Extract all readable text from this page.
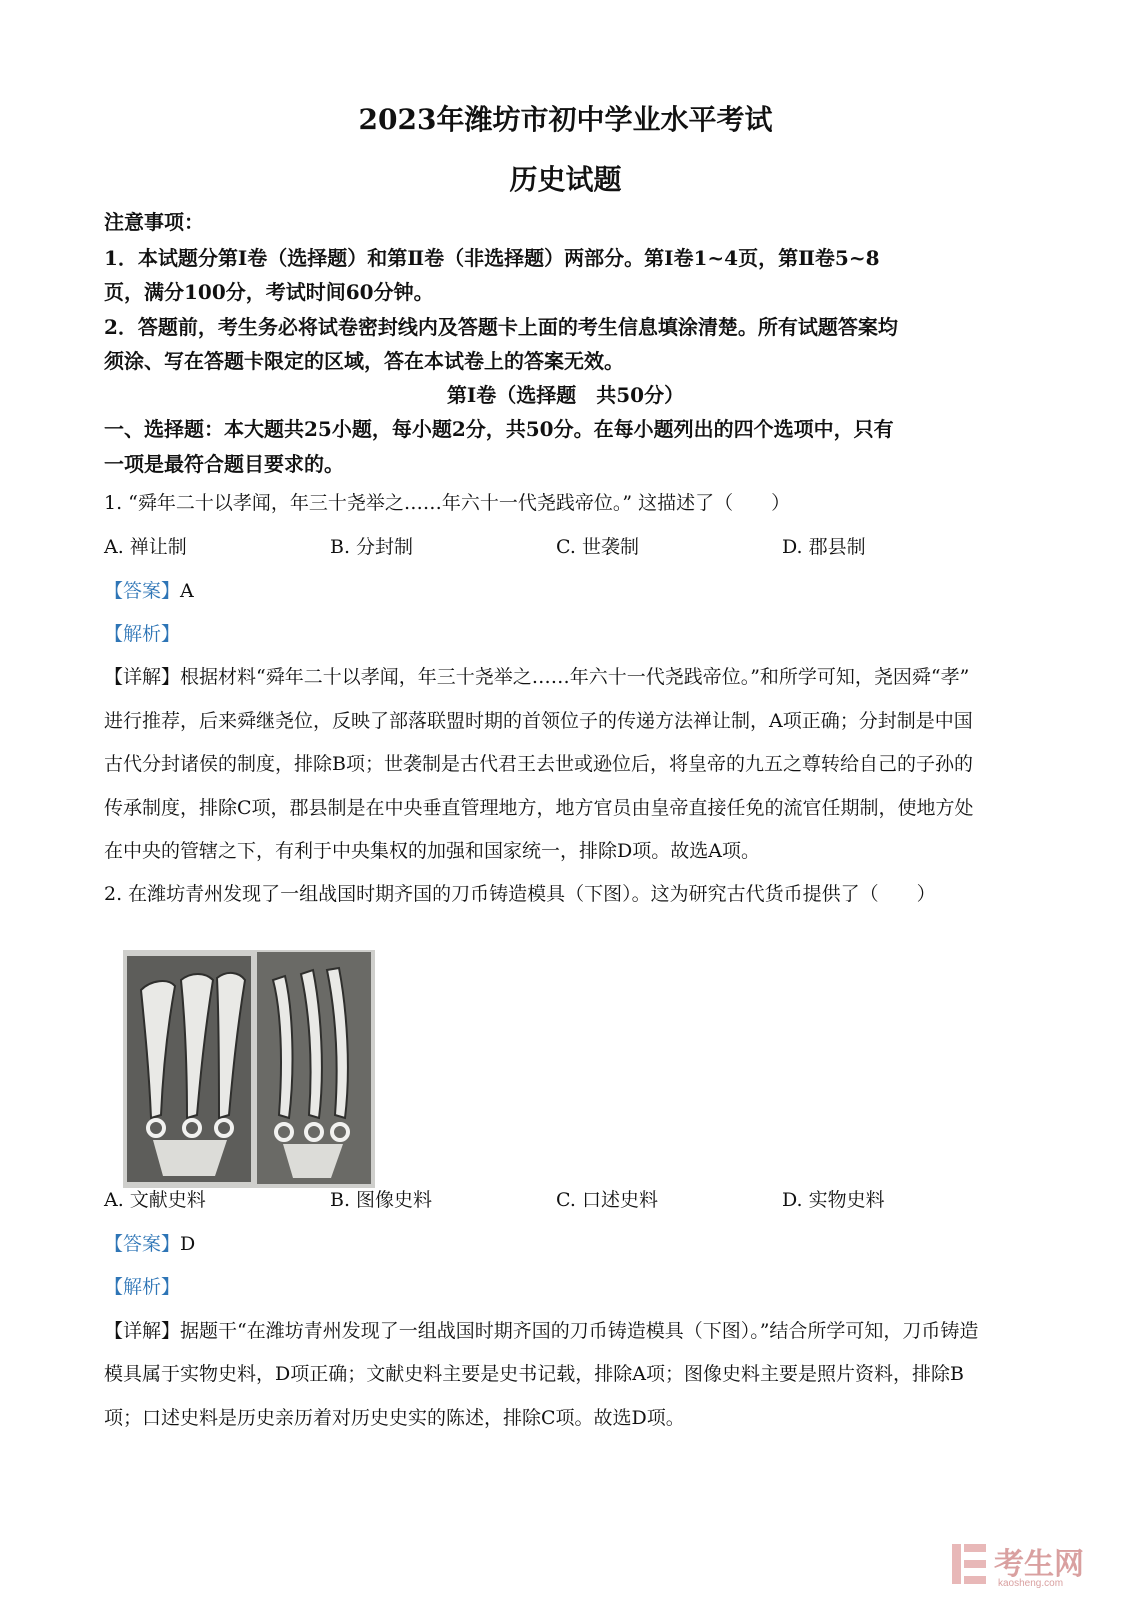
2023年潍坊市初中学业水平考试
历史试题
注意事项：
1．本试题分第Ⅰ卷（选择题）和第Ⅱ卷（非选择题）两部分。第Ⅰ卷1~4页，第Ⅱ卷5~8
页，满分100分，考试时间60分钟。
2．答题前，考生务必将试卷密封线内及答题卡上面的考生信息填涂清楚。所有试题答案均
须涂、写在答题卡限定的区域，答在本试卷上的答案无效。
第Ⅰ卷（选择题　共50分）
一、选择题：本大题共25小题，每小题2分，共50分。在每小题列出的四个选项中，只有
一项是最符合题目要求的。
1. “舜年二十以孝闻，年三十尧举之……年六十一代尧践帝位。” 这描述了（　　）
A. 禅让制	B. 分封制	C. 世袭制	D. 郡县制
【答案】A
【解析】
【详解】根据材料“舜年二十以孝闻，年三十尧举之……年六十一代尧践帝位。”和所学可知，尧因舜“孝”
进行推荐，后来舜继尧位，反映了部落联盟时期的首领位子的传递方法禅让制，A项正确；分封制是中国
古代分封诸侯的制度，排除B项；世袭制是古代君王去世或逊位后，将皇帝的九五之尊转给自己的子孙的
传承制度，排除C项，郡县制是在中央垂直管理地方，地方官员由皇帝直接任免的流官任期制，使地方处
在中央的管辖之下，有利于中央集权的加强和国家统一，排除D项。故选A项。
2. 在潍坊青州发现了一组战国时期齐国的刀币铸造模具（下图）。这为研究古代货币提供了（　　）
A. 文献史料	B. 图像史料	C. 口述史料	D. 实物史料
【答案】D
【解析】
【详解】据题干“在潍坊青州发现了一组战国时期齐国的刀币铸造模具（下图）。”结合所学可知，刀币铸造
模具属于实物史料，D项正确；文献史料主要是史书记载，排除A项；图像史料主要是照片资料，排除B
项；口述史料是历史亲历着对历史史实的陈述，排除C项。故选D项。
考生网
kaosheng.com
